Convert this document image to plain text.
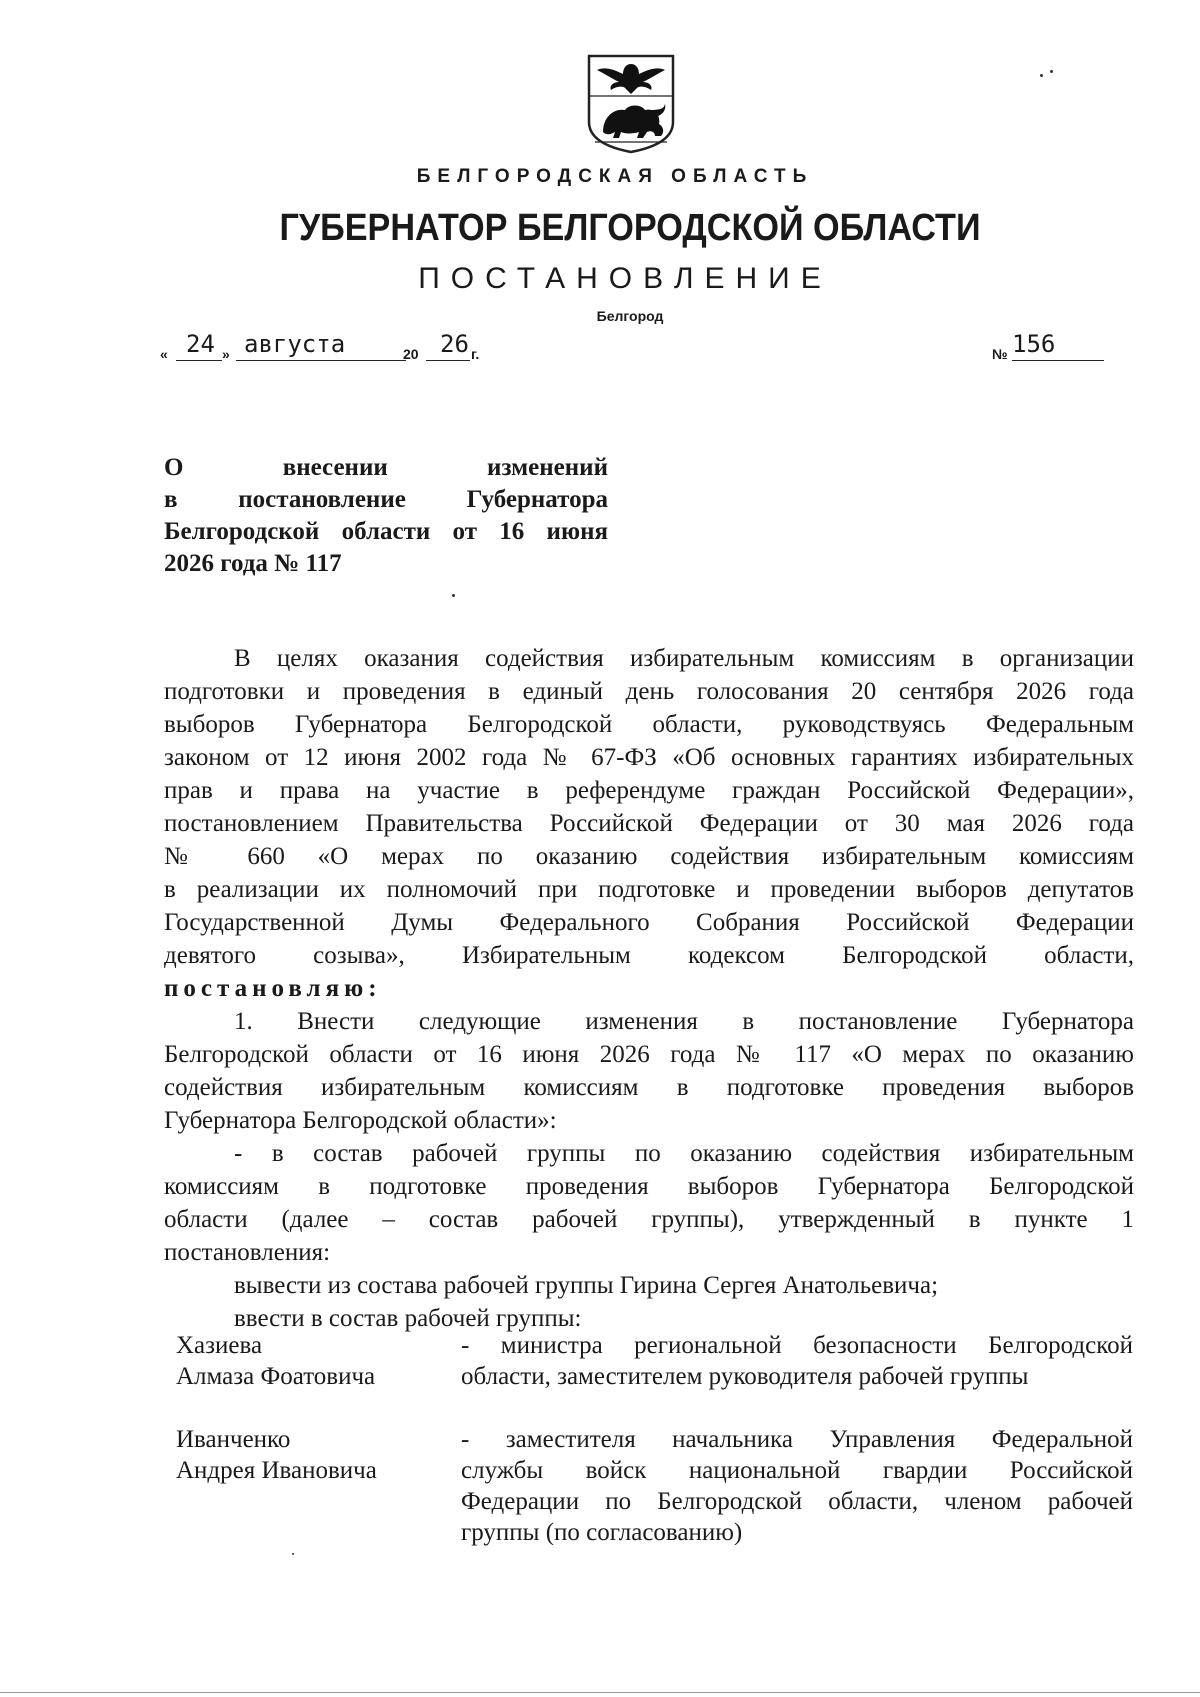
БЕЛГОРОДСКАЯ ОБЛАСТЬ
ГУБЕРНАТОР БЕЛГОРОДСКОЙ ОБЛАСТИ
ПОСТАНОВЛЕНИЕ
Белгород
« 24 » августа	20 26 г.	№ 156
О внесении изменений
в постановление Губернатора
Белгородской области от 16 июня
2026 года № 117
В целях оказания содействия избирательным комиссиям в организации
подготовки и проведения в единый день голосования 20 сентября 2026 года
выборов Губернатора Белгородской области, руководствуясь Федеральным
законом от 12 июня 2002 года № 67-ФЗ «Об основных гарантиях избирательных
прав и права на участие в референдуме граждан Российской Федерации»,
постановлением Правительства Российской Федерации от 30 мая 2026 года
№ 660 «О мерах по оказанию содействия избирательным комиссиям
в реализации их полномочий при подготовке и проведении выборов депутатов
Государственной Думы Федерального Собрания Российской Федерации
девятого созыва», Избирательным кодексом Белгородской области,
постановляю:
1. Внести следующие изменения в постановление Губернатора
Белгородской области от 16 июня 2026 года № 117 «О мерах по оказанию
содействия избирательным комиссиям в подготовке проведения выборов
Губернатора Белгородской области»:
- в состав рабочей группы по оказанию содействия избирательным
комиссиям в подготовке проведения выборов Губернатора Белгородской
области (далее – состав рабочей группы), утвержденный в пункте 1
постановления:
вывести из состава рабочей группы Гирина Сергея Анатольевича;
ввести в состав рабочей группы:
Хазиева
Алмаза Фоатовича
- министра региональной безопасности Белгородской
области, заместителем руководителя рабочей группы
Иванченко
Андрея Ивановича
- заместителя начальника Управления Федеральной
службы войск национальной гвардии Российской
Федерации по Белгородской области, членом рабочей
группы (по согласованию)
